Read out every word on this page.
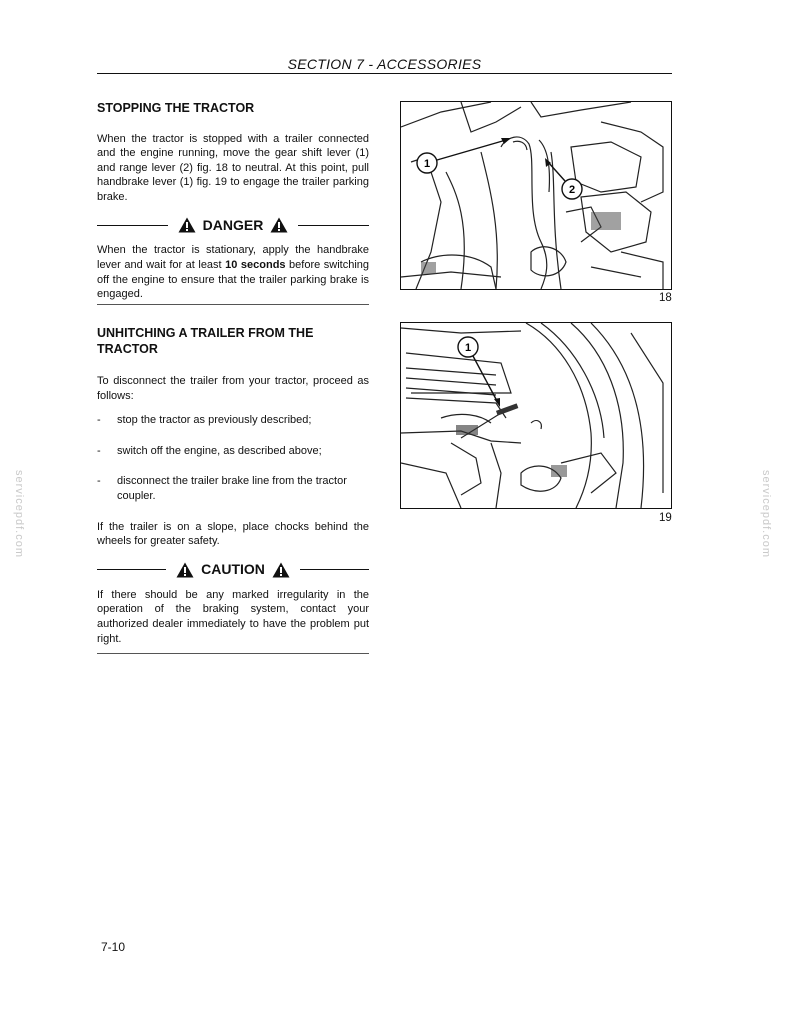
SECTION 7 - ACCESSORIES
STOPPING THE TRACTOR

When the tractor is stopped with a trailer connected and the engine running, move the gear shift lever (1) and range lever (2) fig. 18 to neutral. At this point, pull handbrake lever (1) fig. 19 to engage the trailer parking brake.

DANGER

When the tractor is stationary, apply the handbrake lever and wait for at least 10 seconds before switching off the engine to ensure that the trailer parking brake is engaged.

UNHITCHING A TRAILER FROM THE TRACTOR

To disconnect the trailer from your tractor, proceed as follows:

-	stop the tractor as previously described;
-	switch off the engine, as described above;
-	disconnect the trailer brake line from the tractor coupler.

If the trailer is on a slope, place chocks behind the wheels for greater safety.

CAUTION

If there should be any marked irregularity in the operation of the braking system, contact your authorized dealer immediately to have the problem put right.

1
2
18
1
19
servicepdf.com	servicepdf.com
7-10
